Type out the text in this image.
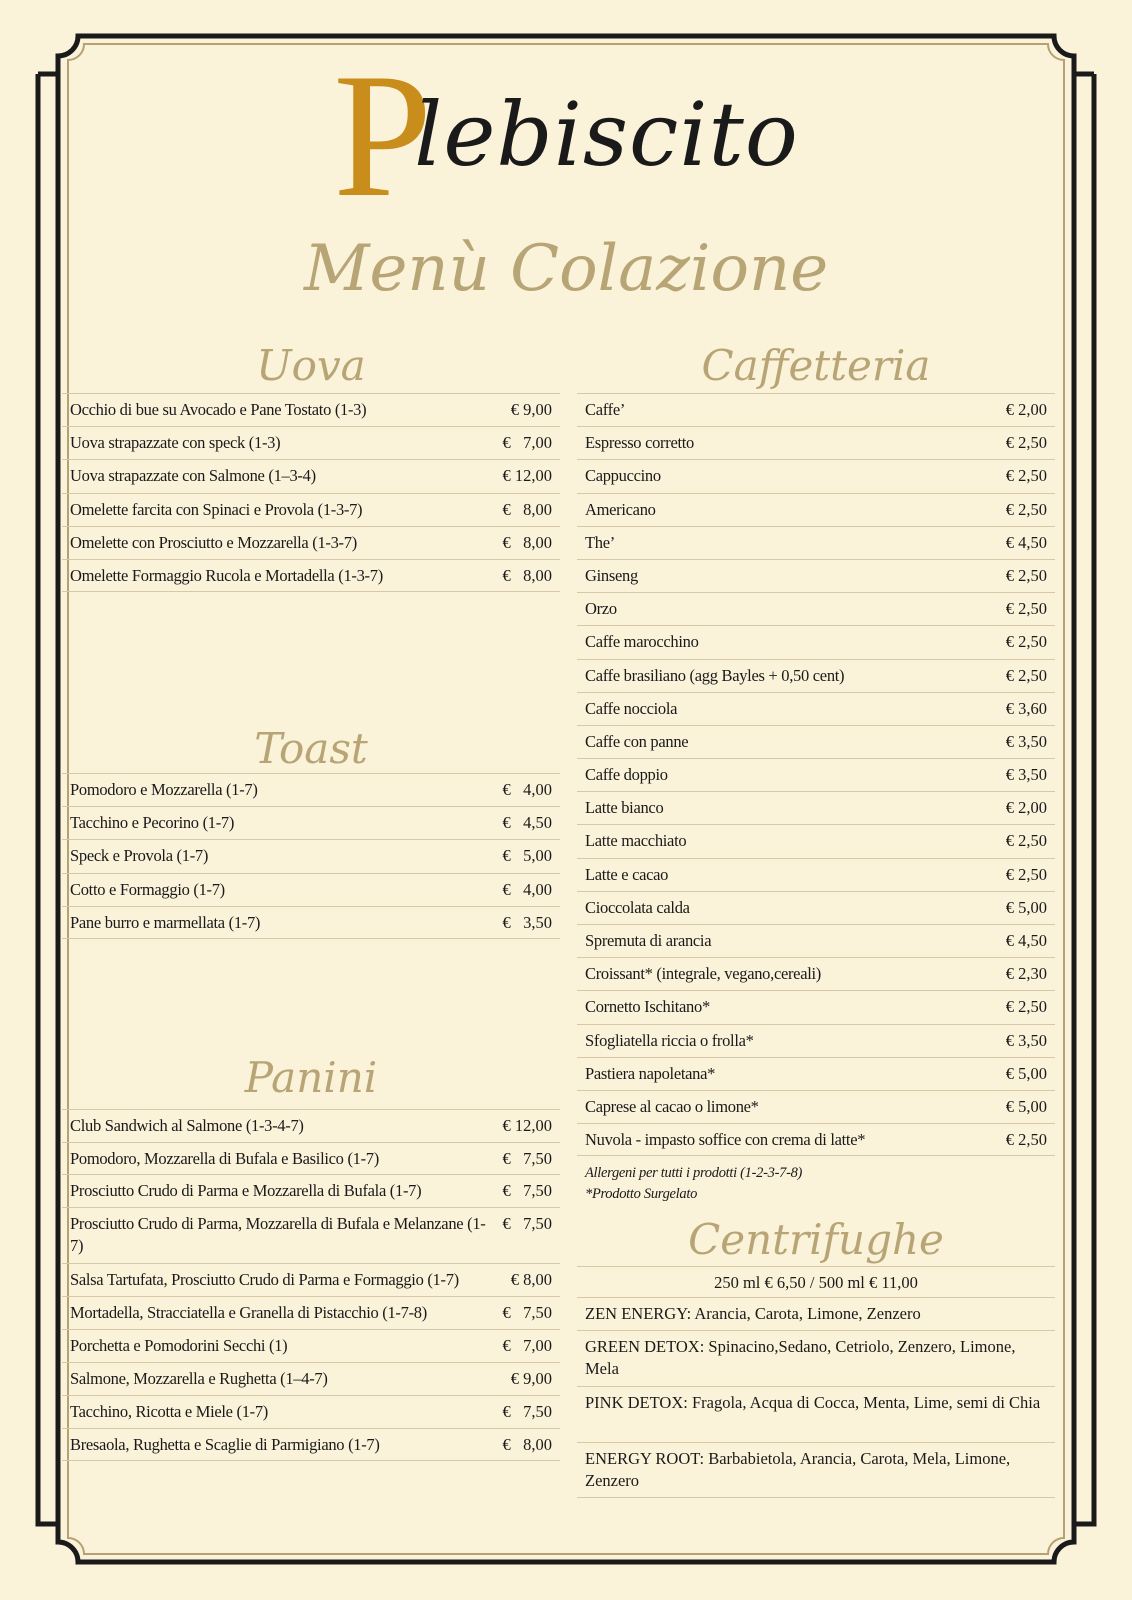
Plebiscito
Menù Colazione
Uova
Occhio di bue su Avocado e Pane Tostato (1-3)	€ 9,00
Uova strapazzate con speck (1-3)	€   7,00
Uova strapazzate con Salmone (1–3-4)	€ 12,00
Omelette farcita con Spinaci e Provola (1-3-7)	€   8,00
Omelette con Prosciutto e Mozzarella (1-3-7)	€   8,00
Omelette Formaggio Rucola e Mortadella (1-3-7)	€   8,00
Toast
Pomodoro e Mozzarella (1-7)	€   4,00
Tacchino e Pecorino (1-7)	€   4,50
Speck e Provola (1-7)	€   5,00
Cotto e Formaggio (1-7)	€   4,00
Pane burro e marmellata (1-7)	€   3,50
Panini
Club Sandwich al Salmone (1-3-4-7)	€ 12,00
Pomodoro, Mozzarella di Bufala e Basilico (1-7)	€   7,50
Prosciutto Crudo di Parma e Mozzarella di Bufala (1-7)	€   7,50
Prosciutto Crudo di Parma, Mozzarella di Bufala e Melanzane (1-7)
€   7,50
Salsa Tartufata, Prosciutto Crudo di Parma e Formaggio (1-7)	€ 8,00
Mortadella, Stracciatella e Granella di Pistacchio (1-7-8)	€   7,50
Porchetta e Pomodorini Secchi (1)	€   7,00
Salmone, Mozzarella e Rughetta (1–4-7)	€ 9,00
Tacchino, Ricotta e Miele (1-7)	€   7,50
Bresaola, Rughetta e Scaglie di Parmigiano (1-7)	€   8,00
Caffetteria
Caffe’	€ 2,00
Espresso corretto	€ 2,50
Cappuccino	€ 2,50
Americano	€ 2,50
The’	€ 4,50
Ginseng	€ 2,50
Orzo	€ 2,50
Caffe marocchino	€ 2,50
Caffe brasiliano (agg Bayles + 0,50 cent)	€ 2,50
Caffe nocciola	€ 3,60
Caffe con panne	€ 3,50
Caffe doppio	€ 3,50
Latte bianco	€ 2,00
Latte macchiato	€ 2,50
Latte e cacao	€ 2,50
Cioccolata calda	€ 5,00
Spremuta di arancia	€ 4,50
Croissant* (integrale, vegano,cereali)	€ 2,30
Cornetto Ischitano*	€ 2,50
Sfogliatella riccia o frolla*	€ 3,50
Pastiera napoletana*	€ 5,00
Caprese al cacao o limone*	€ 5,00
Nuvola - impasto soffice con crema di latte*	€ 2,50
Allergeni per tutti i prodotti (1-2-3-7-8)
*Prodotto Surgelato
Centrifughe
250 ml € 6,50 / 500 ml € 11,00
ZEN ENERGY: Arancia, Carota, Limone, Zenzero
GREEN DETOX: Spinacino,Sedano, Cetriolo, Zenzero, Limone, Mela
PINK DETOX: Fragola, Acqua di Cocca, Menta, Lime, semi di Chia
ENERGY ROOT: Barbabietola, Arancia, Carota, Mela, Limone, Zenzero
